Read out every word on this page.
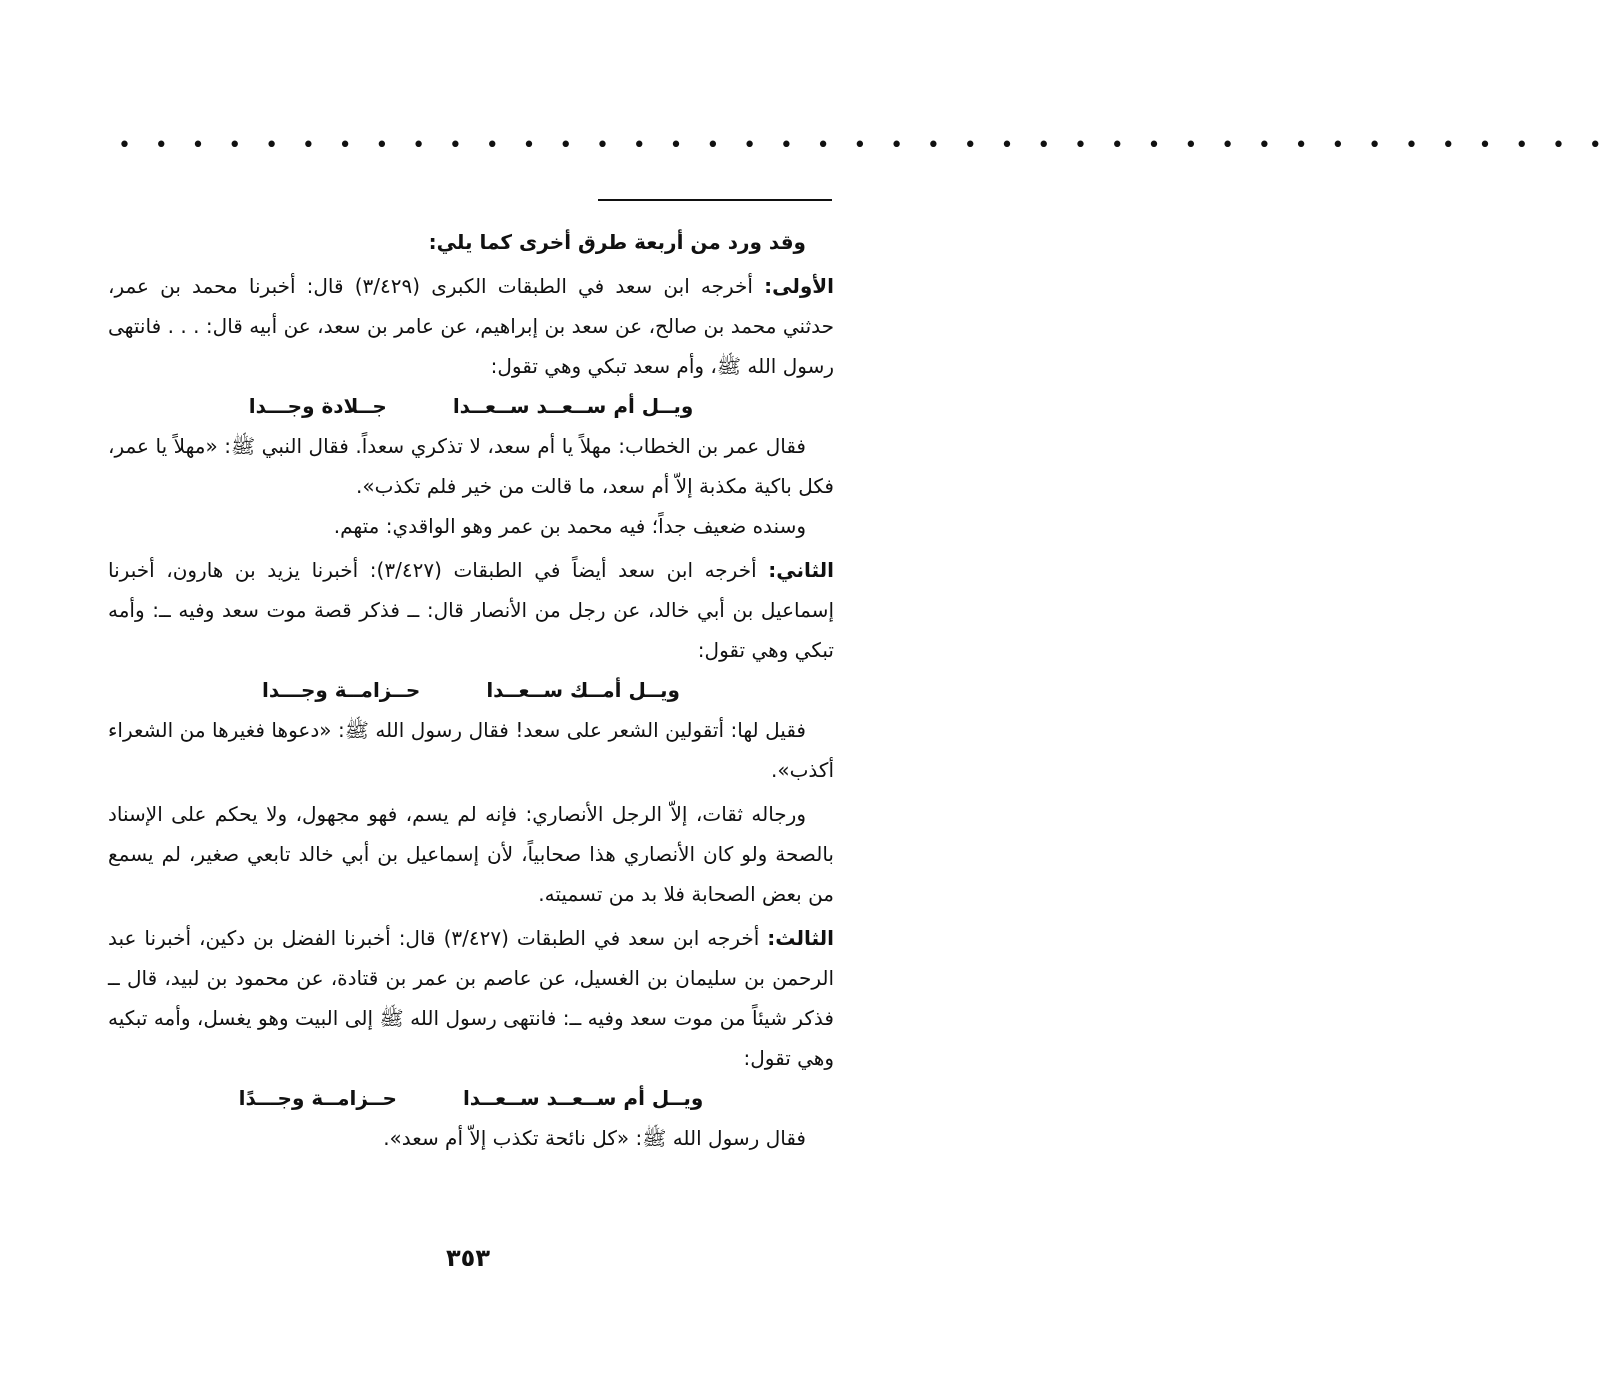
• • • • • • • • • • • • • • • • • • • • • • • • • • • • • • • • • • • • • • • • •

وقد ورد من أربعة طرق أخرى كما يلي:

الأولى: أخرجه ابن سعد في الطبقات الكبرى (٣/٤٢٩) قال: أخبرنا محمد بن عمر، حدثني محمد بن صالح، عن سعد بن إبراهيم، عن عامر بن سعد، عن أبيه قال: . . . فانتهى رسول الله ﷺ، وأم سعد تبكي وهي تقول:

ويــل أم ســعــد ســعــدا
جــلادة وجـــدا

فقال عمر بن الخطاب: مهلاً يا أم سعد، لا تذكري سعداً. فقال النبي ﷺ: «مهلاً يا عمر، فكل باكية مكذبة إلاّ أم سعد، ما قالت من خير فلم تكذب».

وسنده ضعيف جداً؛ فيه محمد بن عمر وهو الواقدي: متهم.

الثاني: أخرجه ابن سعد أيضاً في الطبقات (٣/٤٢٧): أخبرنا يزيد بن هارون، أخبرنا إسماعيل بن أبي خالد، عن رجل من الأنصار قال: ــ فذكر قصة موت سعد وفيه ــ: وأمه تبكي وهي تقول:

ويــل أمــك ســعــدا
حــزامــة وجـــدا

فقيل لها: أتقولين الشعر على سعد! فقال رسول الله ﷺ: «دعوها فغيرها من الشعراء أكذب».

ورجاله ثقات، إلاّ الرجل الأنصاري: فإنه لم يسم، فهو مجهول، ولا يحكم على الإسناد بالصحة ولو كان الأنصاري هذا صحابياً، لأن إسماعيل بن أبي خالد تابعي صغير، لم يسمع من بعض الصحابة فلا بد من تسميته.

الثالث: أخرجه ابن سعد في الطبقات (٣/٤٢٧) قال: أخبرنا الفضل بن دكين، أخبرنا عبد الرحمن بن سليمان بن الغسيل، عن عاصم بن عمر بن قتادة، عن محمود بن لبيد، قال ــ فذكر شيئاً من موت سعد وفيه ــ: فانتهى رسول الله ﷺ إلى البيت وهو يغسل، وأمه تبكيه وهي تقول:

ويــل أم ســعــد ســعــدا
حــزامــة وجـــدًا

فقال رسول الله ﷺ: «كل نائحة تكذب إلاّ أم سعد».

٣٥٣
